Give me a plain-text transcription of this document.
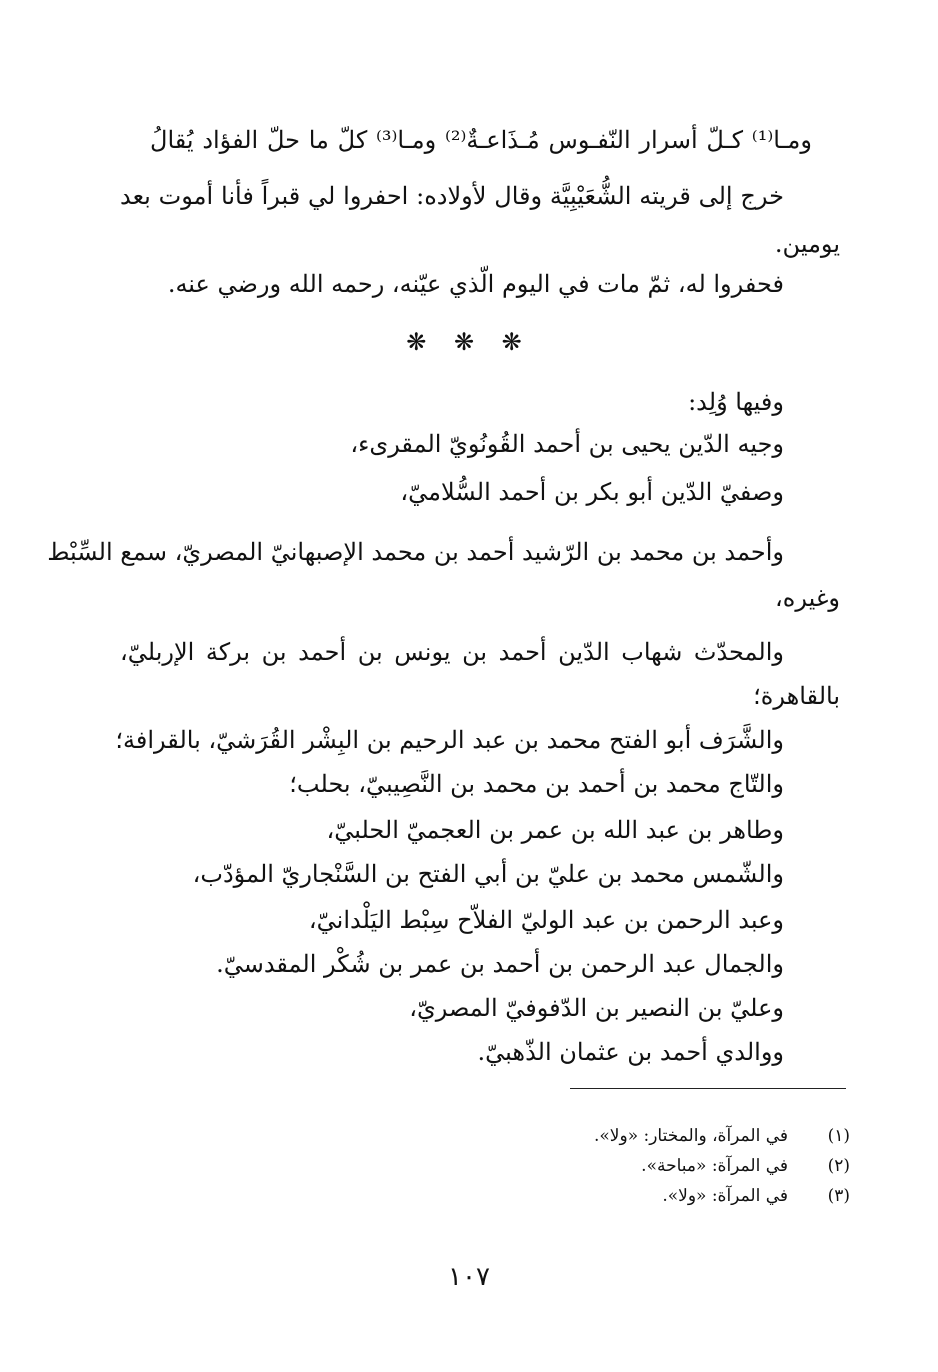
ومـا⁽¹⁾ كـلّ أسرار النّفـوس مُـذَاعـةٌ⁽²⁾ ومـا⁽³⁾ كلّ ما حلّ الفؤاد يُقالُ
خرج إلى قريته الشُّعَيْبِيَّة وقال لأولاده: احفروا لي قبراً فأنا أموت بعد
يومين.
فحفروا له، ثمّ مات في اليوم الّذي عيّنه، رحمه الله ورضي عنه.
❋ ❋ ❋
وفيها وُلِد:
وجيه الدّين يحيى بن أحمد القُونُويّ المقرىء،
وصفيّ الدّين أبو بكر بن أحمد السُّلاميّ،
وأحمد بن محمد بن الرّشيد أحمد بن محمد الإصبهانيّ المصريّ، سمع السِّبْط
وغيره،
والمحدّث شهاب الدّين أحمد بن يونس بن أحمد بن بركة الإربليّ،
بالقاهرة؛
والشَّرَف أبو الفتح محمد بن عبد الرحيم بن البِشْر القُرَشيّ، بالقرافة؛
والتّاج محمد بن أحمد بن محمد بن النَّصِيبيّ، بحلب؛
وطاهر بن عبد الله بن عمر بن العجميّ الحلبيّ،
والشّمس محمد بن عليّ بن أبي الفتح بن السَّنْجاريّ المؤدّب،
وعبد الرحمن بن عبد الوليّ الفلاّح سِبْط اليَلْدانيّ،
والجمال عبد الرحمن بن أحمد بن عمر بن شُكْر المقدسيّ.
وعليّ بن النصير بن الدّفوفيّ المصريّ،
ووالدي أحمد بن عثمان الذّهبيّ.
(١)
في المرآة، والمختار: «ولا».
(٢)
في المرآة: «مباحة».
(٣)
في المرآة: «ولا».
١٠٧
